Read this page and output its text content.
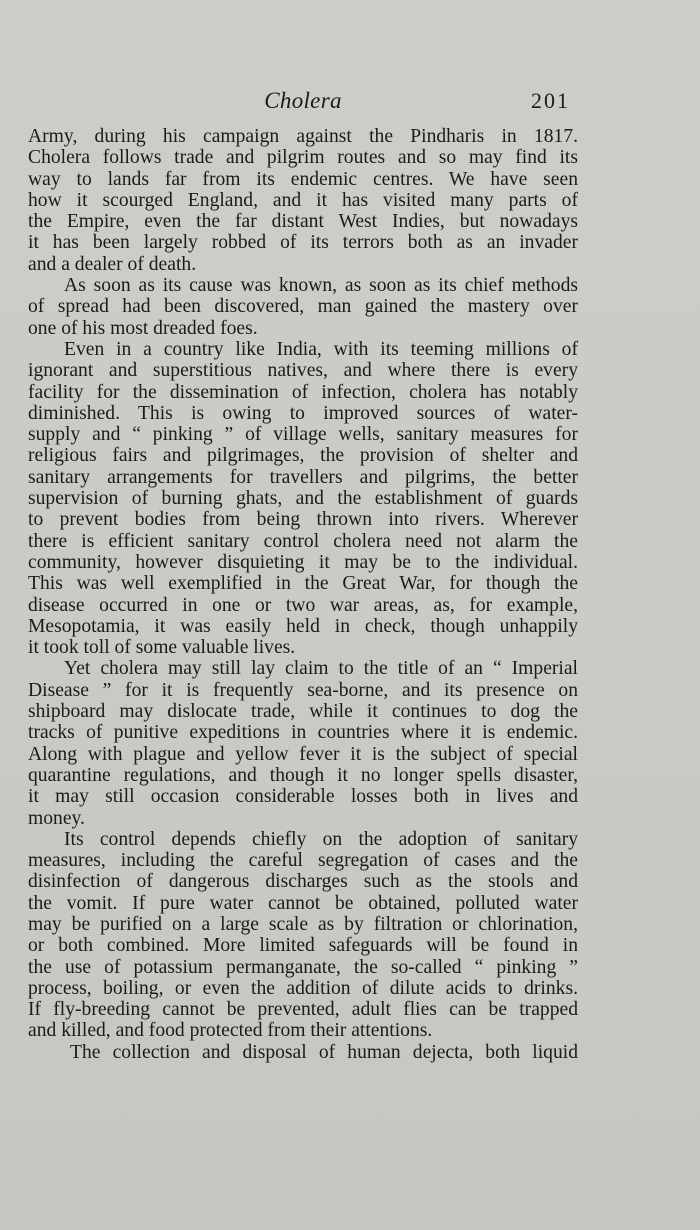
Cholera	201

Army, during his campaign against the Pindharis in 1817.

Cholera follows trade and pilgrim routes and so may find its

way to lands far from its endemic centres. We have seen

how it scourged England, and it has visited many parts of

the Empire, even the far distant West Indies, but nowadays

it has been largely robbed of its terrors both as an invader

and a dealer of death.

As soon as its cause was known, as soon as its chief methods

of spread had been discovered, man gained the mastery over

one of his most dreaded foes.

Even in a country like India, with its teeming millions of

ignorant and superstitious natives, and where there is every

facility for the dissemination of infection, cholera has notably

diminished. This is owing to improved sources of water-

supply and “ pinking ” of village wells, sanitary measures for

religious fairs and pilgrimages, the provision of shelter and

sanitary arrangements for travellers and pilgrims, the better

supervision of burning ghats, and the establishment of guards

to prevent bodies from being thrown into rivers. Wherever

there is efficient sanitary control cholera need not alarm the

community, however disquieting it may be to the individual.

This was well exemplified in the Great War, for though the

disease occurred in one or two war areas, as, for example,

Mesopotamia, it was easily held in check, though unhappily

it took toll of some valuable lives.

Yet cholera may still lay claim to the title of an “ Imperial

Disease ” for it is frequently sea-borne, and its presence on

shipboard may dislocate trade, while it continues to dog the

tracks of punitive expeditions in countries where it is endemic.

Along with plague and yellow fever it is the subject of special

quarantine regulations, and though it no longer spells disaster,

it may still occasion considerable losses both in lives and

money.

Its control depends chiefly on the adoption of sanitary

measures, including the careful segregation of cases and the

disinfection of dangerous discharges such as the stools and

the vomit. If pure water cannot be obtained, polluted water

may be purified on a large scale as by filtration or chlorination,

or both combined. More limited safeguards will be found in

the use of potassium permanganate, the so-called “ pinking ”

process, boiling, or even the addition of dilute acids to drinks.

If fly-breeding cannot be prevented, adult flies can be trapped

and killed, and food protected from their attentions.

The collection and disposal of human dejecta, both liquid
